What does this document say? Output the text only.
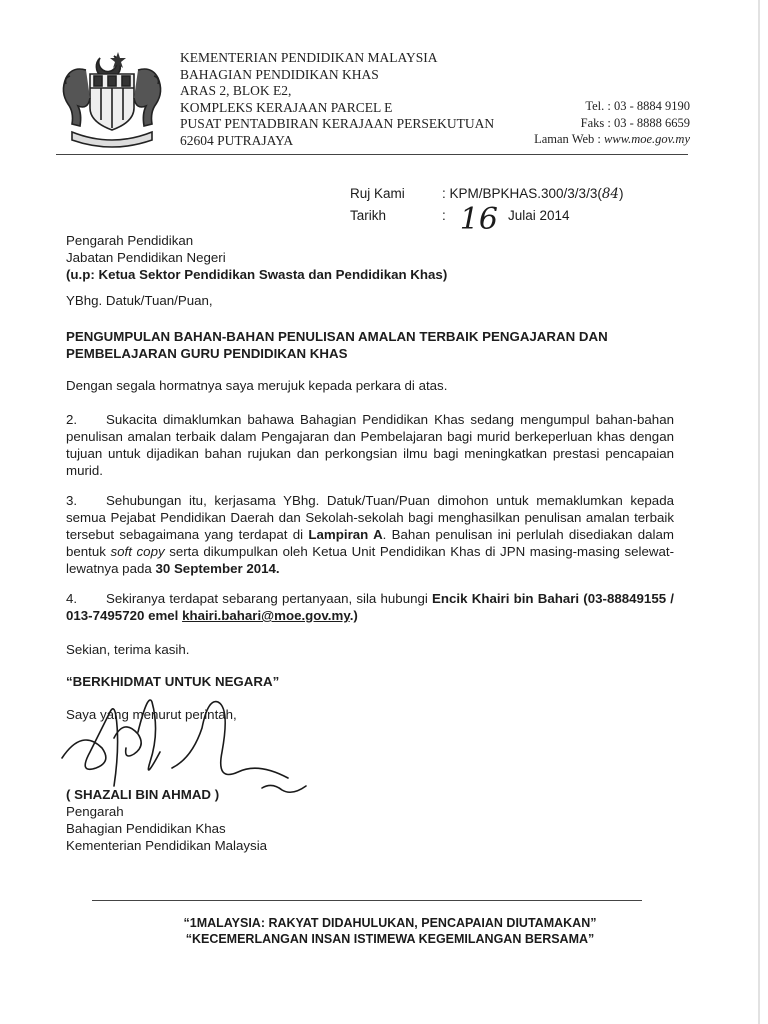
KEMENTERIAN PENDIDIKAN MALAYSIA
BAHAGIAN PENDIDIKAN KHAS
ARAS 2, BLOK E2,
KOMPLEKS KERAJAAN PARCEL E
PUSAT PENTADBIRAN KERAJAAN PERSEKUTUAN
62604 PUTRAJAYA
Tel. : 03 - 8884 9190
Faks : 03 - 8888 6659
Laman Web : www.moe.gov.my
Ruj Kami	: KPM/BPKHAS.300/3/3/3( 84 )
Tarikh	: 16 Julai 2014
Pengarah Pendidikan
Jabatan Pendidikan Negeri
(u.p: Ketua Sektor Pendidikan Swasta dan Pendidikan Khas)
YBhg. Datuk/Tuan/Puan,
PENGUMPULAN BAHAN-BAHAN PENULISAN AMALAN TERBAIK PENGAJARAN DAN PEMBELAJARAN GURU PENDIDIKAN KHAS
Dengan segala hormatnya saya merujuk kepada perkara di atas.
2. Sukacita dimaklumkan bahawa Bahagian Pendidikan Khas sedang mengumpul bahan-bahan penulisan amalan terbaik dalam Pengajaran dan Pembelajaran bagi murid berkeperluan khas dengan tujuan untuk dijadikan bahan rujukan dan perkongsian ilmu bagi meningkatkan prestasi pencapaian murid.
3. Sehubungan itu, kerjasama YBhg. Datuk/Tuan/Puan dimohon untuk memaklumkan kepada semua Pejabat Pendidikan Daerah dan Sekolah-sekolah bagi menghasilkan penulisan amalan terbaik tersebut sebagaimana yang terdapat di Lampiran A. Bahan penulisan ini perlulah disediakan dalam bentuk soft copy serta dikumpulkan oleh Ketua Unit Pendidikan Khas di JPN masing-masing selewat-lewatnya pada 30 September 2014.
4. Sekiranya terdapat sebarang pertanyaan, sila hubungi Encik Khairi bin Bahari (03-88849155 / 013-7495720 emel khairi.bahari@moe.gov.my.)
Sekian, terima kasih.
“BERKHIDMAT UNTUK NEGARA”
Saya yang menurut perintah,
( SHAZALI BIN AHMAD )
Pengarah
Bahagian Pendidikan Khas
Kementerian Pendidikan Malaysia
“1MALAYSIA: RAKYAT DIDAHULUKAN, PENCAPAIAN DIUTAMAKAN”
“KECEMERLANGAN INSAN ISTIMEWA KEGEMILANGAN BERSAMA”
